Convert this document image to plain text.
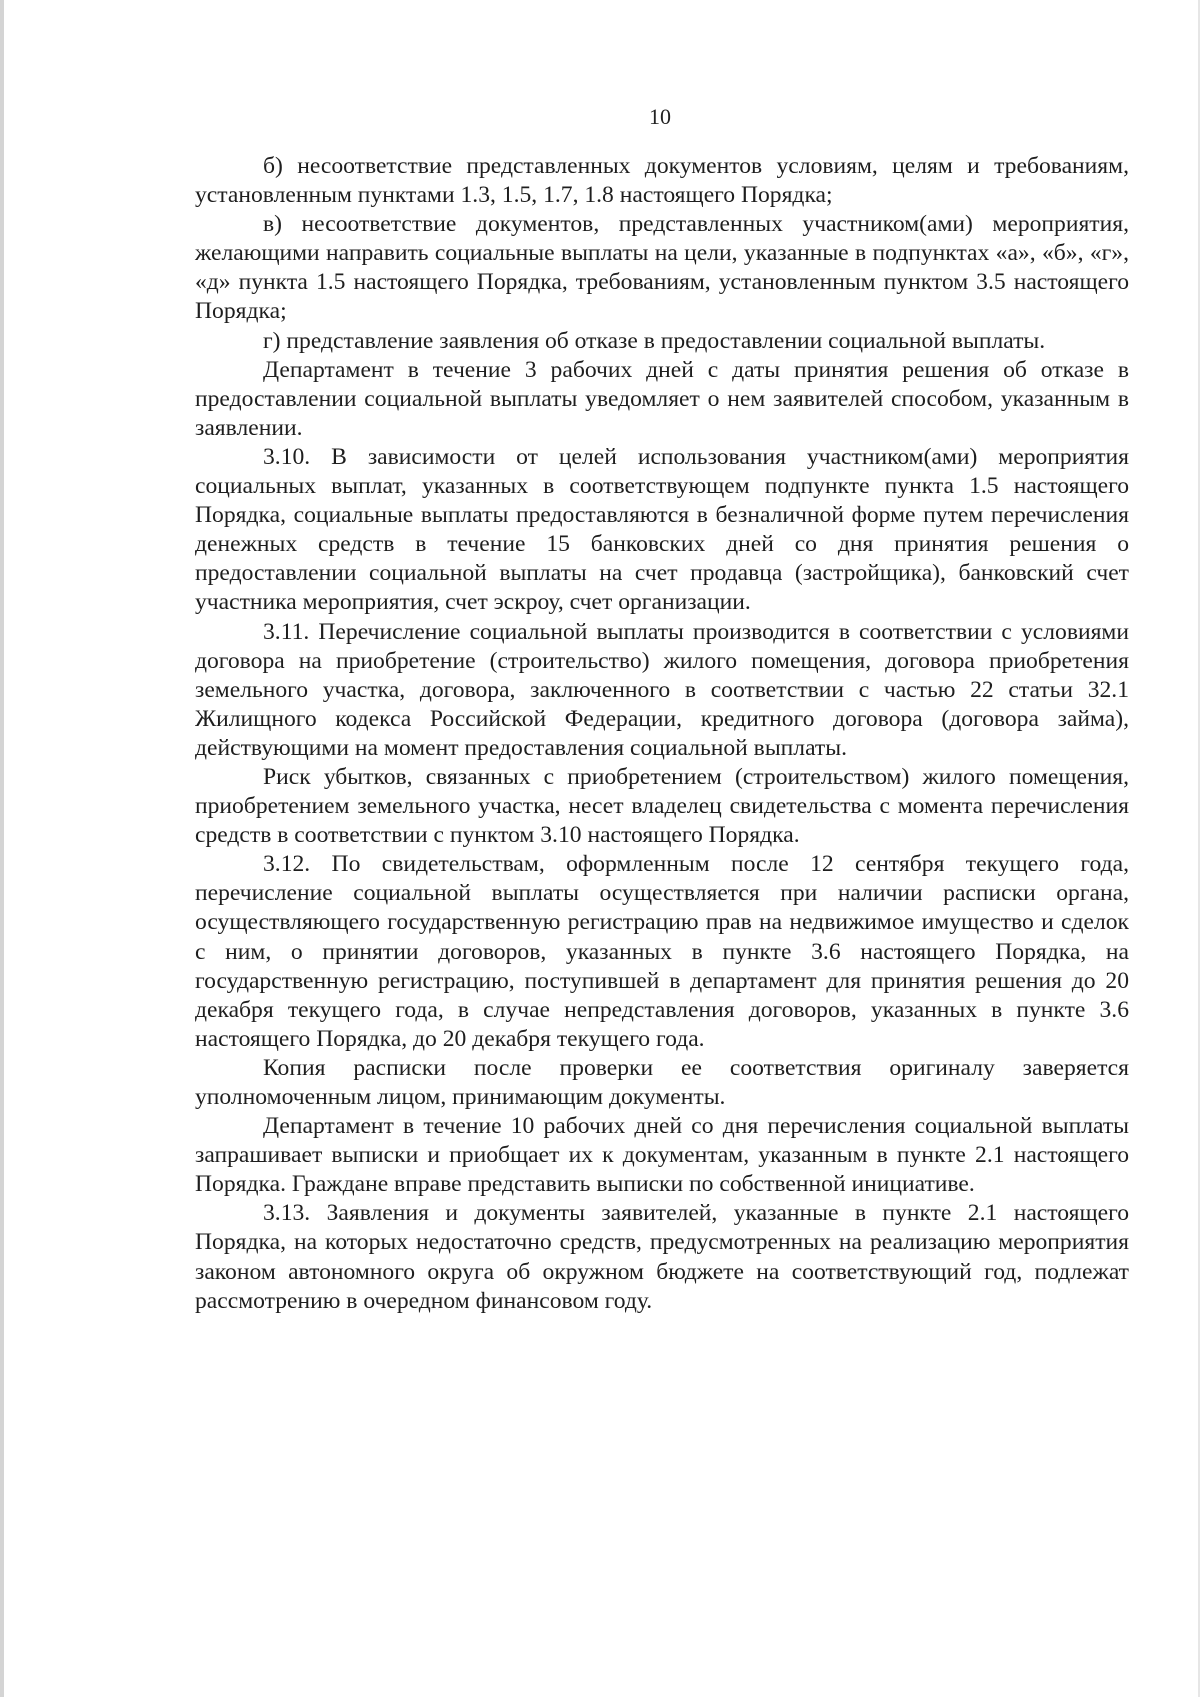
10

б) несоответствие представленных документов условиям, целям и требованиям, установленным пунктами 1.3, 1.5, 1.7, 1.8 настоящего Порядка;

в) несоответствие документов, представленных участником(ами) мероприятия, желающими направить социальные выплаты на цели, указанные в подпунктах «а», «б», «г», «д» пункта 1.5 настоящего Порядка, требованиям, установленным пунктом 3.5 настоящего Порядка;

г) представление заявления об отказе в предоставлении социальной выплаты.

Департамент в течение 3 рабочих дней с даты принятия решения об отказе в предоставлении социальной выплаты уведомляет о нем заявителей способом, указанным в заявлении.

3.10. В зависимости от целей использования участником(ами) мероприятия социальных выплат, указанных в соответствующем подпункте пункта 1.5 настоящего Порядка, социальные выплаты предоставляются в безналичной форме путем перечисления денежных средств в течение 15 банковских дней со дня принятия решения о предоставлении социальной выплаты на счет продавца (застройщика), банковский счет участника мероприятия, счет эскроу, счет организации.

3.11. Перечисление социальной выплаты производится в соответствии с условиями договора на приобретение (строительство) жилого помещения, договора приобретения земельного участка, договора, заключенного в соответствии с частью 22 статьи 32.1 Жилищного кодекса Российской Федерации, кредитного договора (договора займа), действующими на момент предоставления социальной выплаты.

Риск убытков, связанных с приобретением (строительством) жилого помещения, приобретением земельного участка, несет владелец свидетельства с момента перечисления средств в соответствии с пунктом 3.10 настоящего Порядка.

3.12. По свидетельствам, оформленным после 12 сентября текущего года, перечисление социальной выплаты осуществляется при наличии расписки органа, осуществляющего государственную регистрацию прав на недвижимое имущество и сделок с ним, о принятии договоров, указанных в пункте 3.6 настоящего Порядка, на государственную регистрацию, поступившей в департамент для принятия решения до 20 декабря текущего года, в случае непредставления договоров, указанных в пункте 3.6 настоящего Порядка, до 20 декабря текущего года.

Копия расписки после проверки ее соответствия оригиналу заверяется уполномоченным лицом, принимающим документы.

Департамент в течение 10 рабочих дней со дня перечисления социальной выплаты запрашивает выписки и приобщает их к документам, указанным в пункте 2.1 настоящего Порядка. Граждане вправе представить выписки по собственной инициативе.

3.13. Заявления и документы заявителей, указанные в пункте 2.1 настоящего Порядка, на которых недостаточно средств, предусмотренных на реализацию мероприятия законом автономного округа об окружном бюджете на соответствующий год, подлежат рассмотрению в очередном финансовом году.
